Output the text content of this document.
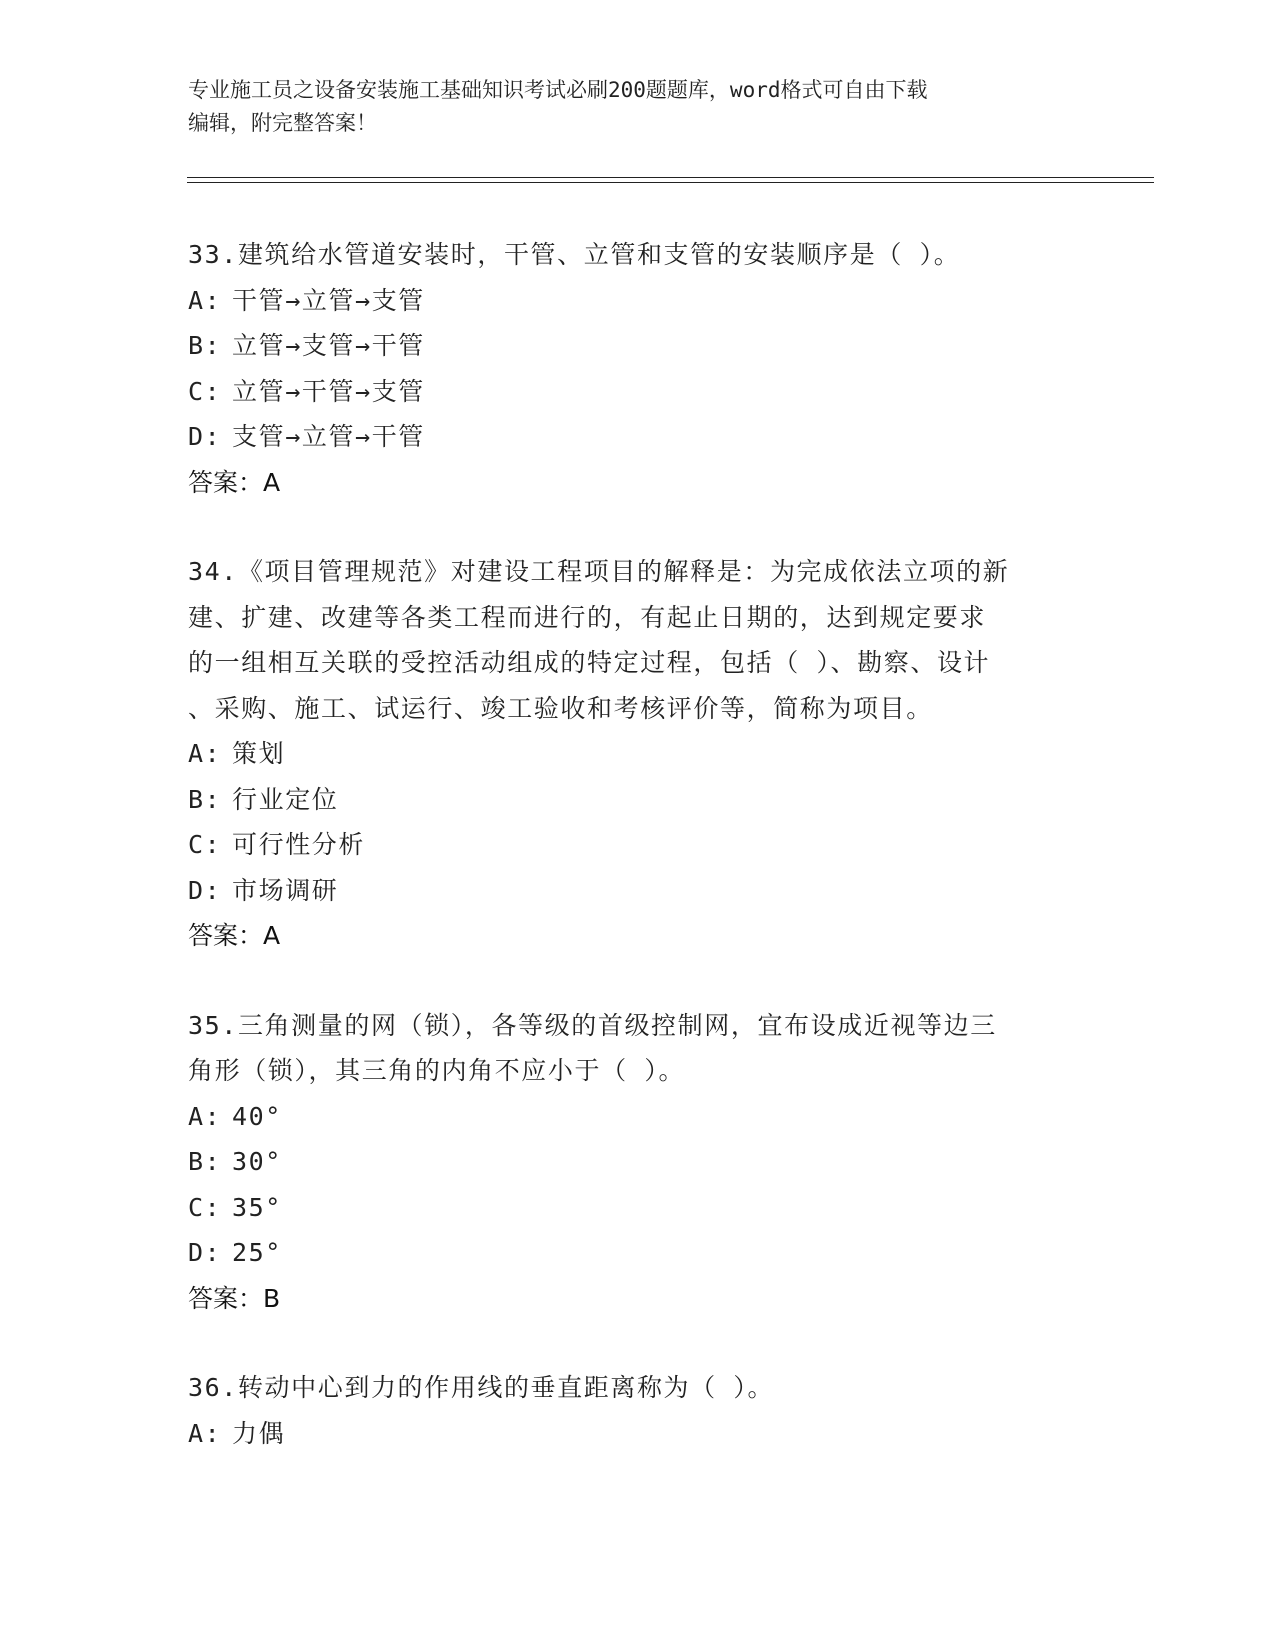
专业施工员之设备安装施工基础知识考试必刷200题题库，word格式可自由下载
编辑，附完整答案！
33.建筑给水管道安装时，干管、立管和支管的安装顺序是（ ）。
A: 干管→立管→支管
B: 立管→支管→干管
C: 立管→干管→支管
D: 支管→立管→干管
答案：A
34.《项目管理规范》对建设工程项目的解释是：为完成依法立项的新
建、扩建、改建等各类工程而进行的，有起止日期的，达到规定要求
的一组相互关联的受控活动组成的特定过程，包括（ ）、勘察、设计
、采购、施工、试运行、竣工验收和考核评价等，简称为项目。
A: 策划
B: 行业定位
C: 可行性分析
D: 市场调研
答案：A
35.三角测量的网（锁），各等级的首级控制网，宜布设成近视等边三
角形（锁），其三角的内角不应小于（ ）。
A: 40°
B: 30°
C: 35°
D: 25°
答案：B
36.转动中心到力的作用线的垂直距离称为（ ）。
A: 力偶
